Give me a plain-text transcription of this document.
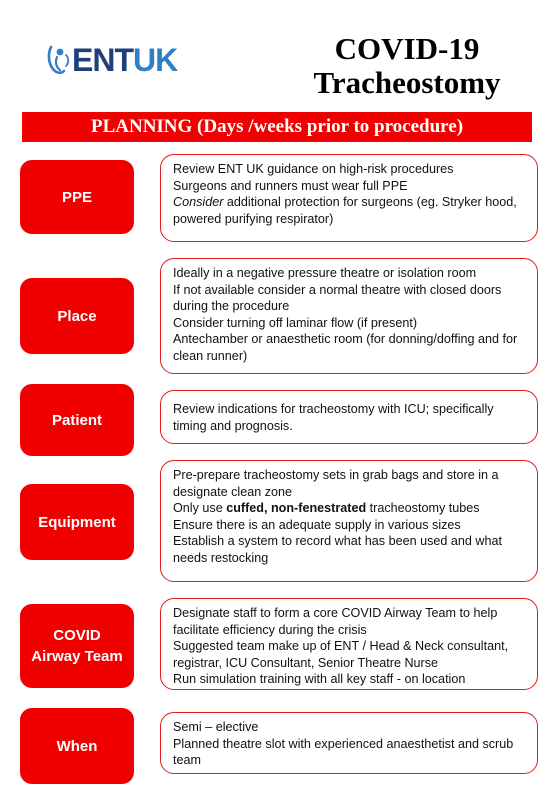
ENTUK	COVID-19
Tracheostomy
PLANNING (Days /weeks prior to procedure)
PPE
Review ENT UK guidance on high-risk procedures
Surgeons and runners must wear full PPE
Consider additional protection for surgeons (eg. Stryker hood, powered purifying respirator)
Place
Ideally in a negative pressure theatre or isolation room
If not available consider a normal theatre with closed doors during the procedure
Consider turning off laminar flow (if present)
Antechamber or anaesthetic room (for donning/doffing and for clean runner)
Patient
Review indications for tracheostomy with ICU; specifically timing and prognosis.
Equipment
Pre-prepare tracheostomy sets in grab bags and store in a designate clean zone
Only use cuffed, non-fenestrated tracheostomy tubes
Ensure there is an adequate supply in various sizes
Establish a system to record what has been used and what needs restocking
COVID
Airway Team
Designate staff to form a core COVID Airway Team to help facilitate efficiency during the crisis
Suggested team make up of ENT / Head & Neck consultant, registrar, ICU Consultant, Senior Theatre Nurse
Run simulation training with all key staff - on location
When
Semi – elective
Planned theatre slot with experienced anaesthetist and scrub team
